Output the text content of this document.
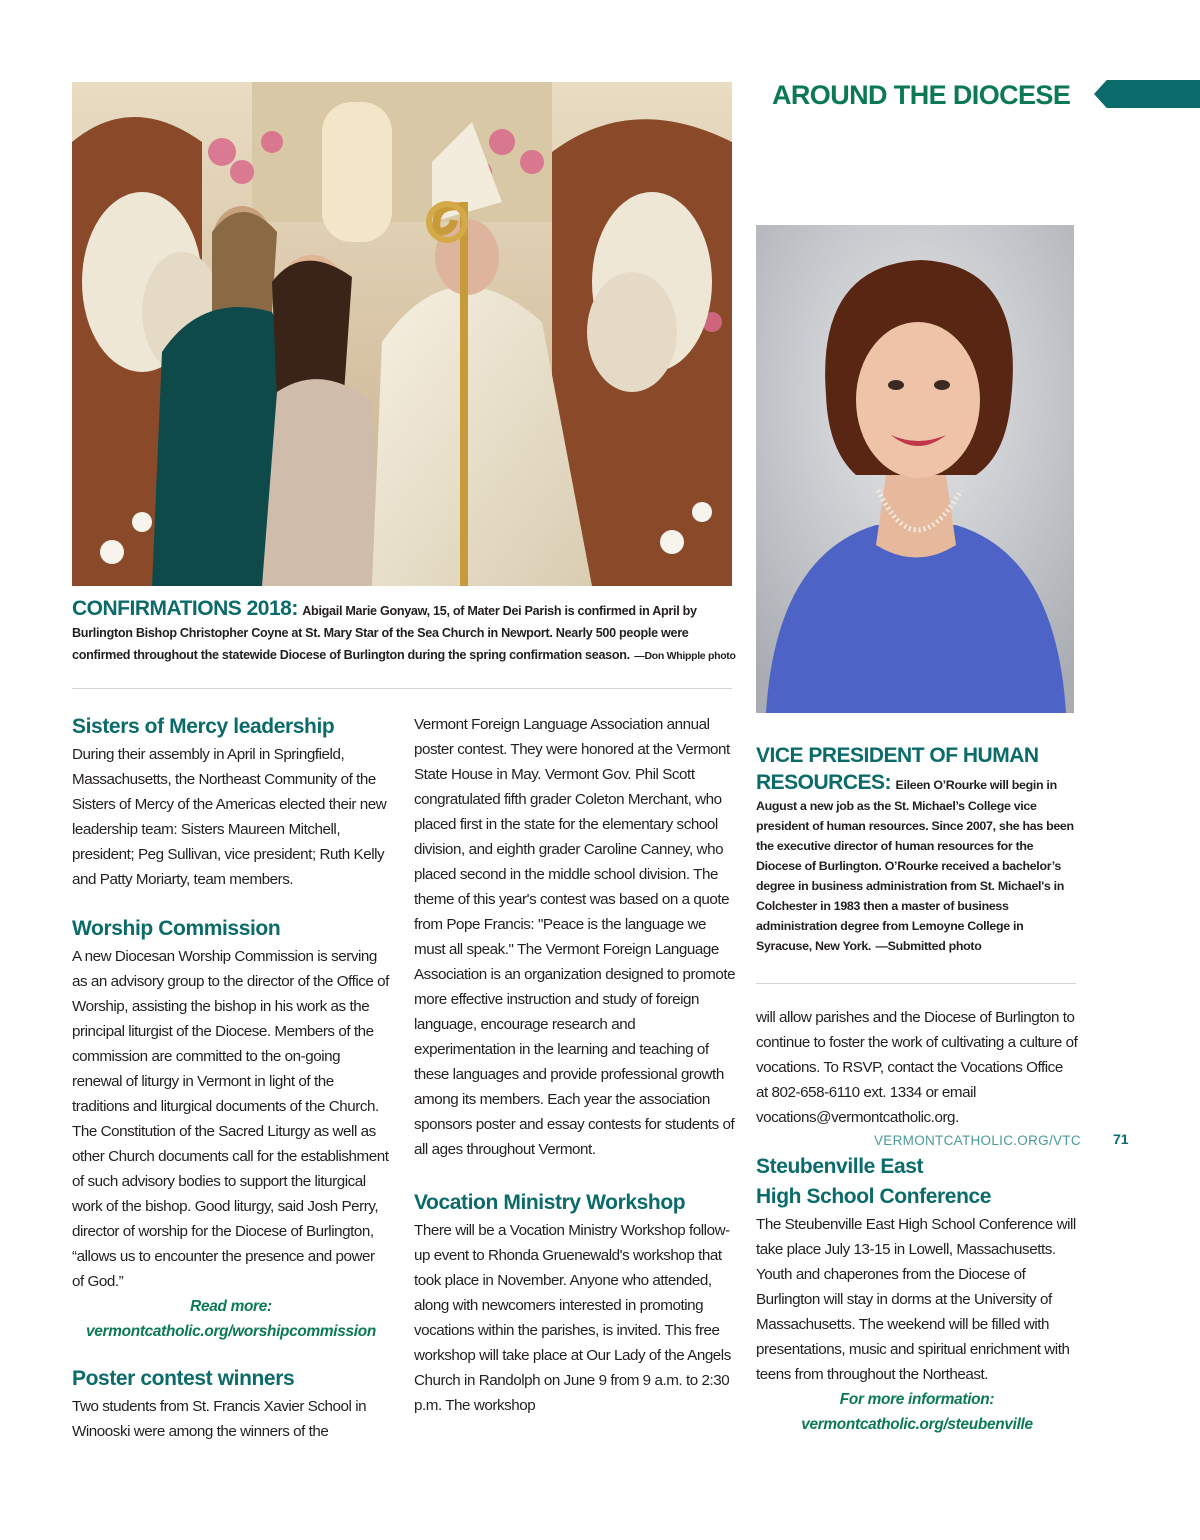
AROUND THE DIOCESE
CONFIRMATIONS 2018: Abigail Marie Gonyaw, 15, of Mater Dei Parish is confirmed in April by Burlington Bishop Christopher Coyne at St. Mary Star of the Sea Church in Newport. Nearly 500 people were confirmed throughout the statewide Diocese of Burlington during the spring confirmation season. —Don Whipple photo
VICE PRESIDENT OF HUMAN RESOURCES: Eileen O’Rourke will begin in August a new job as the St. Michael’s College vice president of human resources. Since 2007, she has been the executive director of human resources for the Diocese of Burlington. O’Rourke received a bachelor’s degree in business administration from St. Michael's in Colchester in 1983 then a master of business administration degree from Lemoyne College in Syracuse, New York. —Submitted photo
Sisters of Mercy leadership

During their assembly in April in Springfield, Massachusetts, the Northeast Community of the Sisters of Mercy of the Americas elected their new leadership team: Sisters Maureen Mitchell, president; Peg Sullivan, vice president; Ruth Kelly and Patty Moriarty, team members.

Worship Commission

A new Diocesan Worship Commission is serving as an advisory group to the director of the Office of Worship, assisting the bishop in his work as the principal liturgist of the Diocese. Members of the commission are committed to the on-going renewal of liturgy in Vermont in light of the traditions and liturgical documents of the Church. The Constitution of the Sacred Liturgy as well as other Church documents call for the establishment of such advisory bodies to support the liturgical work of the bishop. Good liturgy, said Josh Perry, director of worship for the Diocese of Burlington, “allows us to encounter the presence and power of God.”

Read more:
vermontcatholic.org/worshipcommission
Poster contest winners

Two students from St. Francis Xavier School in Winooski were among the winners of the

Vermont Foreign Language Association annual poster contest. They were honored at the Vermont State House in May. Vermont Gov. Phil Scott congratulated fifth grader Coleton Merchant, who placed first in the state for the elementary school division, and eighth grader Caroline Canney, who placed second in the middle school division. The theme of this year's contest was based on a quote from Pope Francis: "Peace is the language we must all speak." The Vermont Foreign Language Association is an organization designed to promote more effective instruction and study of foreign language, encourage research and experimentation in the learning and teaching of these languages and provide professional growth among its members. Each year the association sponsors poster and essay contests for students of all ages throughout Vermont.

Vocation Ministry Workshop

There will be a Vocation Ministry Workshop follow-up event to Rhonda Gruenewald's workshop that took place in November. Anyone who attended, along with newcomers interested in promoting vocations within the parishes, is invited. This free workshop will take place at Our Lady of the Angels Church in Randolph on June 9 from 9 a.m. to 2:30 p.m. The workshop

will allow parishes and the Diocese of Burlington to continue to foster the work of cultivating a culture of vocations. To RSVP, contact the Vocations Office at 802-658-6110 ext. 1334 or email vocations@vermontcatholic.org.

Steubenville East
High School Conference

The Steubenville East High School Conference will take place July 13-15 in Lowell, Massachusetts. Youth and chaperones from the Diocese of Burlington will stay in dorms at the University of Massachusetts. The weekend will be filled with presentations, music and spiritual enrichment with teens from throughout the Northeast.

For more information:
vermontcatholic.org/steubenville
VERMONTCATHOLIC.ORG/VTC 71
